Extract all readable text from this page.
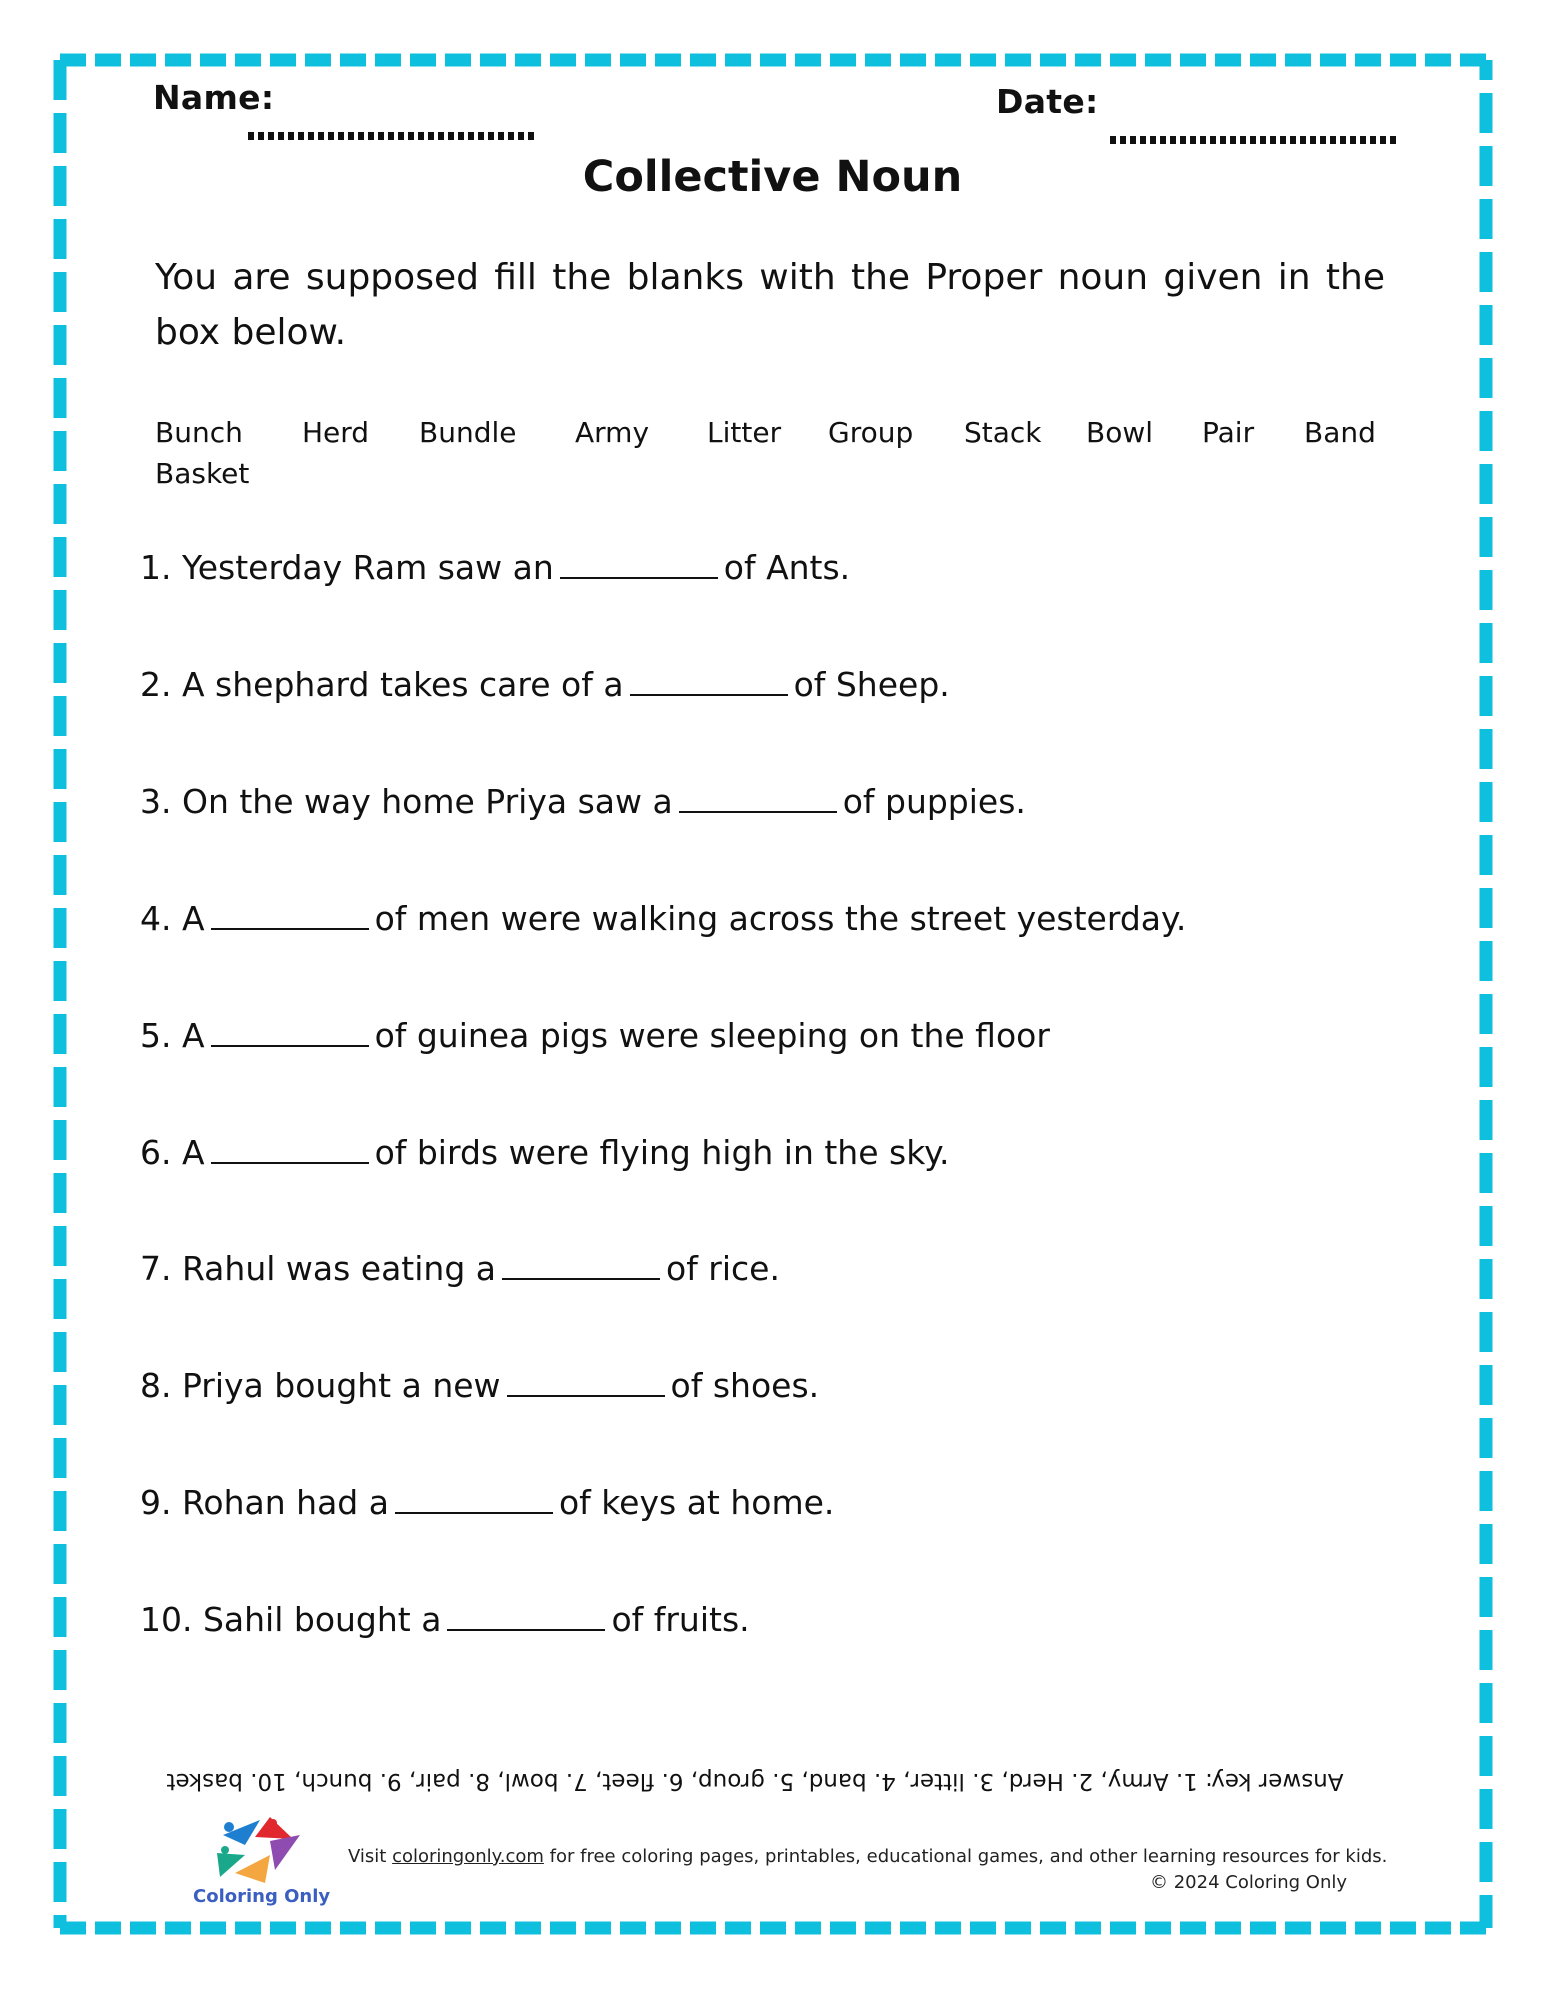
Name:	Date:
Collective Noun
You are supposed fill the blanks with the Proper noun given in the box below.
Bunch Herd Bundle Army Litter Group Stack Bowl Pair Band
Basket
1. Yesterday Ram saw an	of Ants.
2. A shephard takes care of a	of Sheep.
3. On the way home Priya saw a	of puppies.
4. A	of men were walking across the street yesterday.
5. A	of guinea pigs were sleeping on the floor
6. A	of birds were flying high in the sky.
7. Rahul was eating a	of rice.
8. Priya bought a new	of shoes.
9. Rohan had a	of keys at home.
10. Sahil bought a	of fruits.
Answer key: 1. Army, 2. Herd, 3. litter, 4. band, 5. group, 6. fleet, 7. bowl, 8. pair, 9. bunch, 10. basket
Coloring Only
Visit coloringonly.com for free coloring pages, printables, educational games, and other learning resources for kids.
© 2024 Coloring Only
